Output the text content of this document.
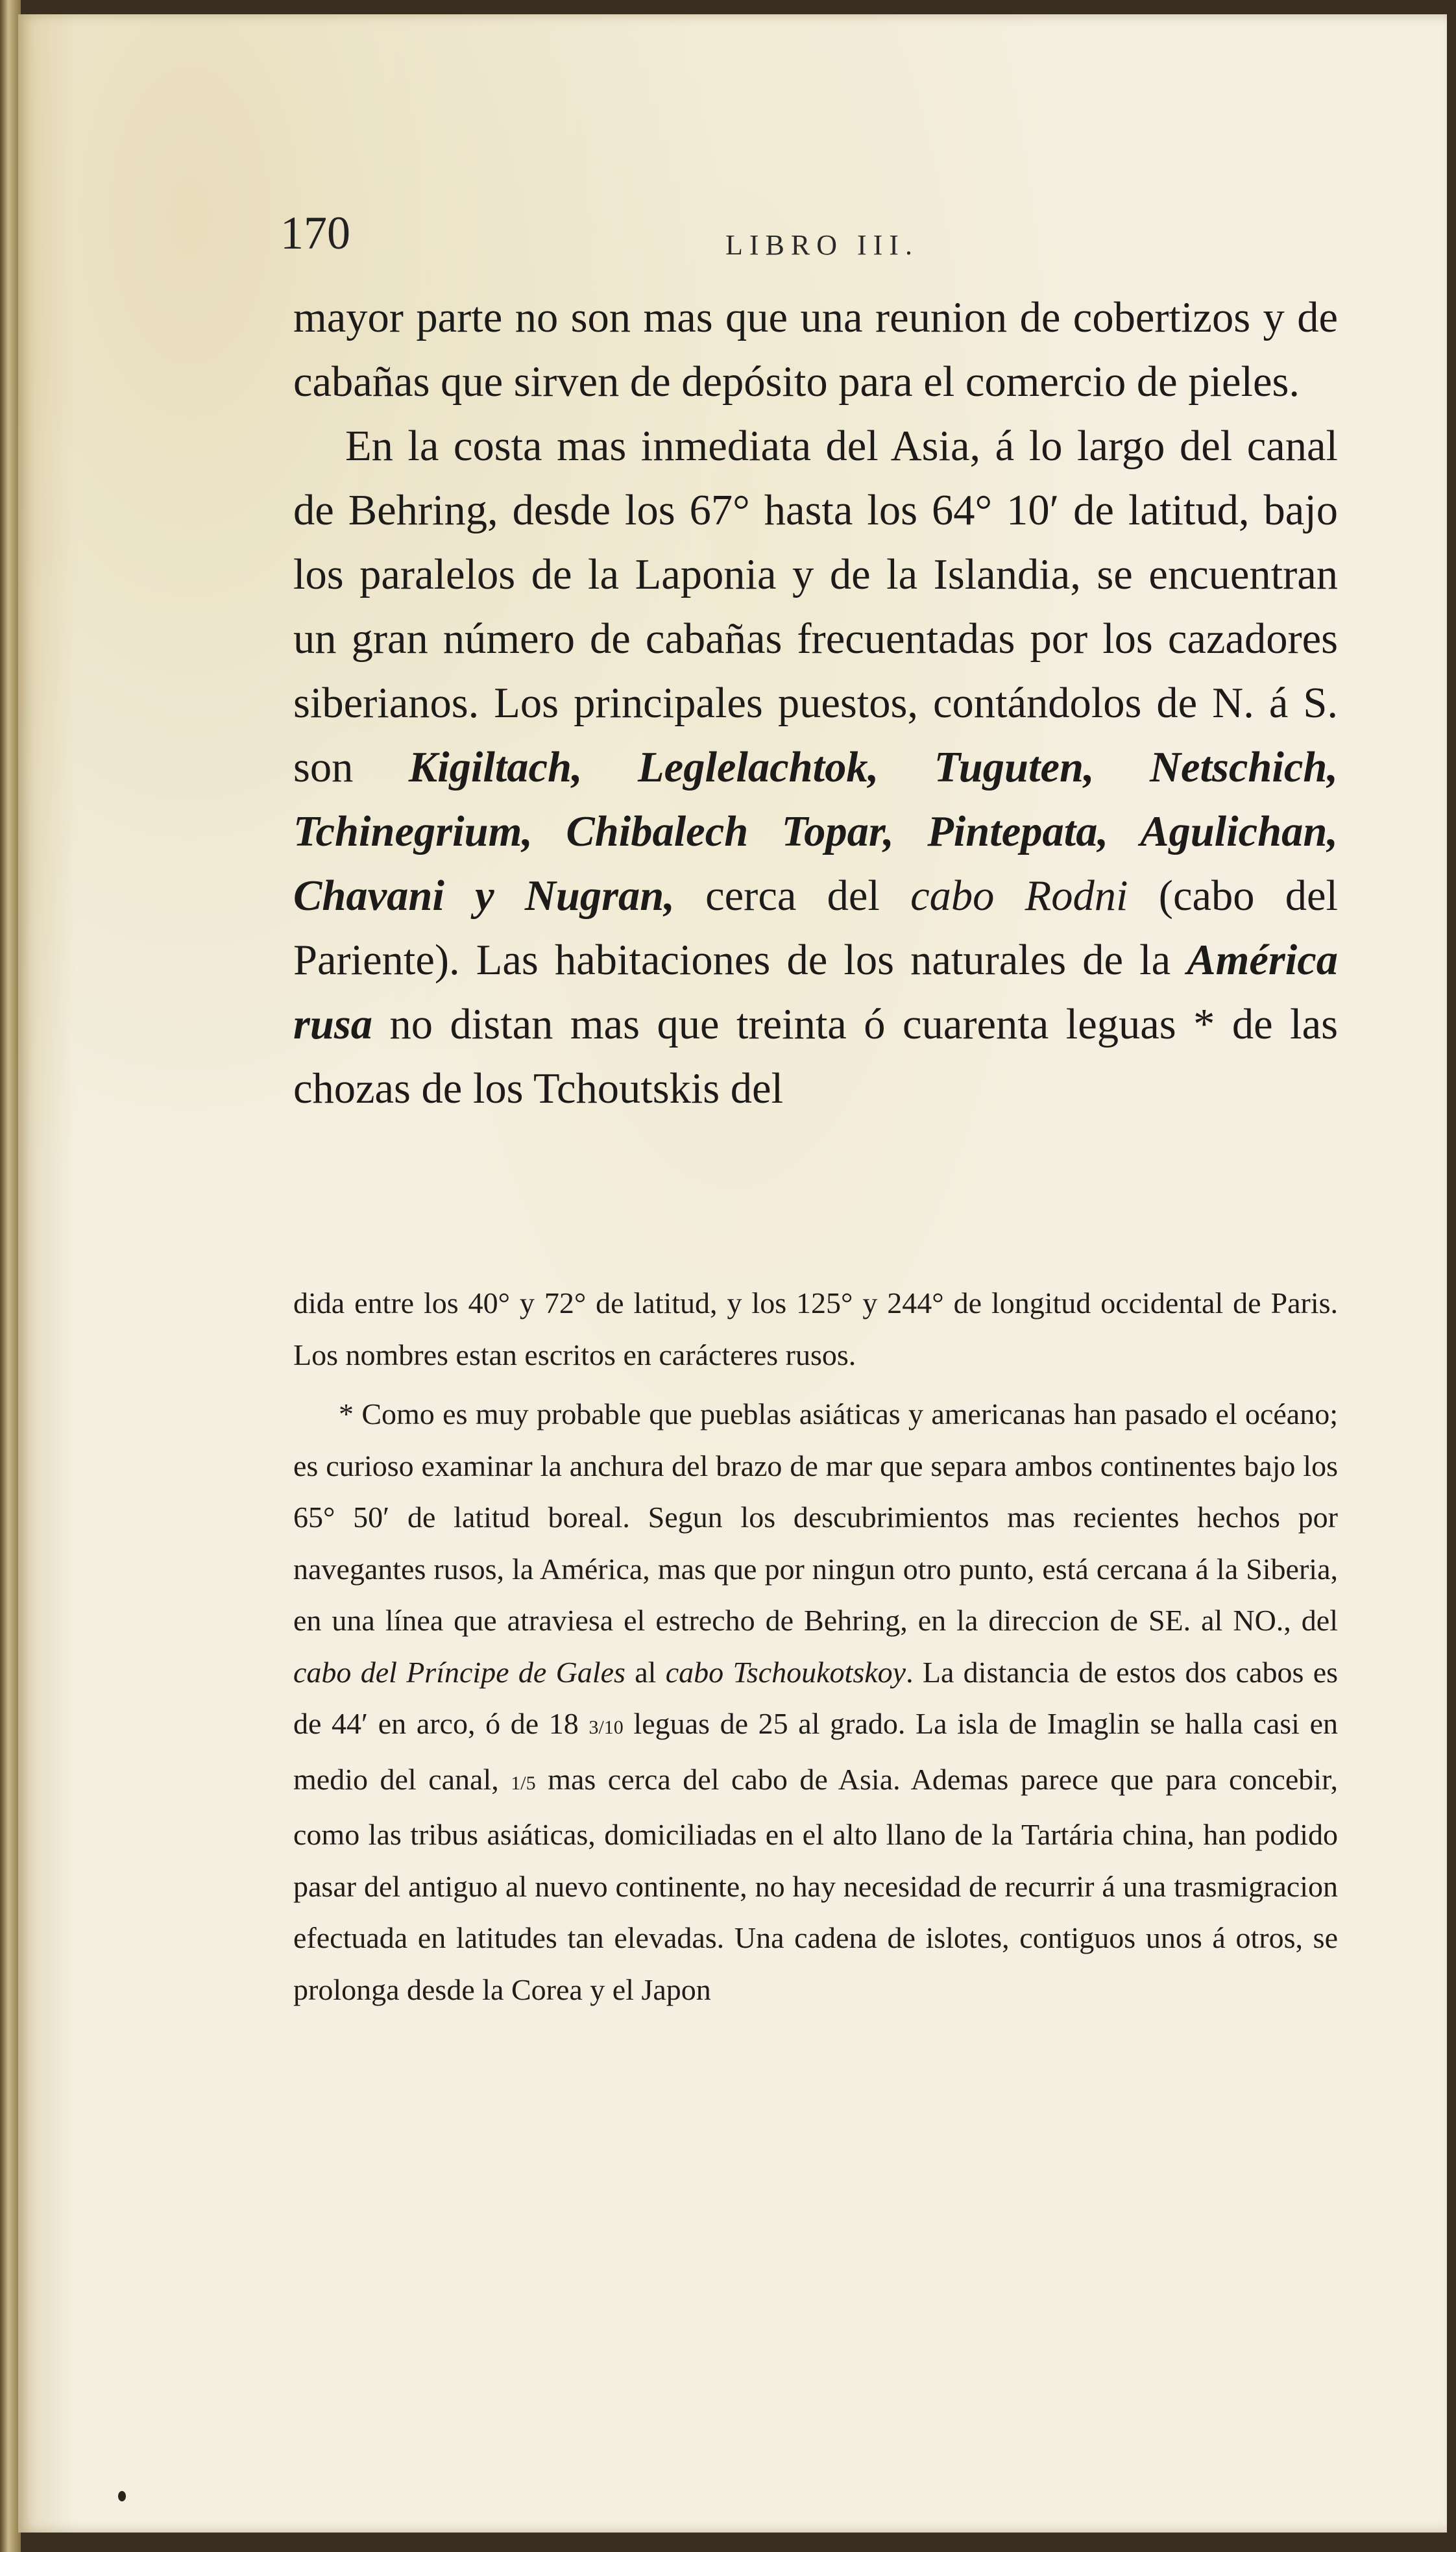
170	LIBRO III.

mayor parte no son mas que una reunion de cobertizos y de cabañas que sirven de depósito para el comercio de pieles.

En la costa mas inmediata del Asia, á lo largo del canal de Behring, desde los 67° hasta los 64° 10′ de latitud, bajo los paralelos de la Laponia y de la Islandia, se encuentran un gran número de cabañas frecuentadas por los cazadores siberianos. Los principales puestos, contándolos de N. á S. son Kigiltach, Leglelachtok, Tuguten, Netschich, Tchinegrium, Chibalech Topar, Pintepata, Agulichan, Chavani y Nugran, cerca del cabo Rodni (cabo del Pariente). Las habitaciones de los naturales de la América rusa no distan mas que treinta ó cuarenta leguas * de las chozas de los Tchoutskis del

dida entre los 40° y 72° de latitud, y los 125° y 244° de longitud occidental de Paris. Los nombres estan escritos en carácteres rusos.

* Como es muy probable que pueblas asiáticas y americanas han pasado el océano; es curioso examinar la anchura del brazo de mar que separa ambos continentes bajo los 65° 50′ de latitud boreal. Segun los descubrimientos mas recientes hechos por navegantes rusos, la América, mas que por ningun otro punto, está cercana á la Siberia, en una línea que atraviesa el estrecho de Behring, en la direccion de SE. al NO., del cabo del Príncipe de Gales al cabo Tschoukotskoy. La distancia de estos dos cabos es de 44′ en arco, ó de 18 3/10 leguas de 25 al grado. La isla de Imaglin se halla casi en medio del canal, 1/5 mas cerca del cabo de Asia. Ademas parece que para concebir, como las tribus asiáticas, domiciliadas en el alto llano de la Tartária china, han podido pasar del antiguo al nuevo continente, no hay necesidad de recurrir á una trasmigracion efectuada en latitudes tan elevadas. Una cadena de islotes, contiguos unos á otros, se prolonga desde la Corea y el Japon
